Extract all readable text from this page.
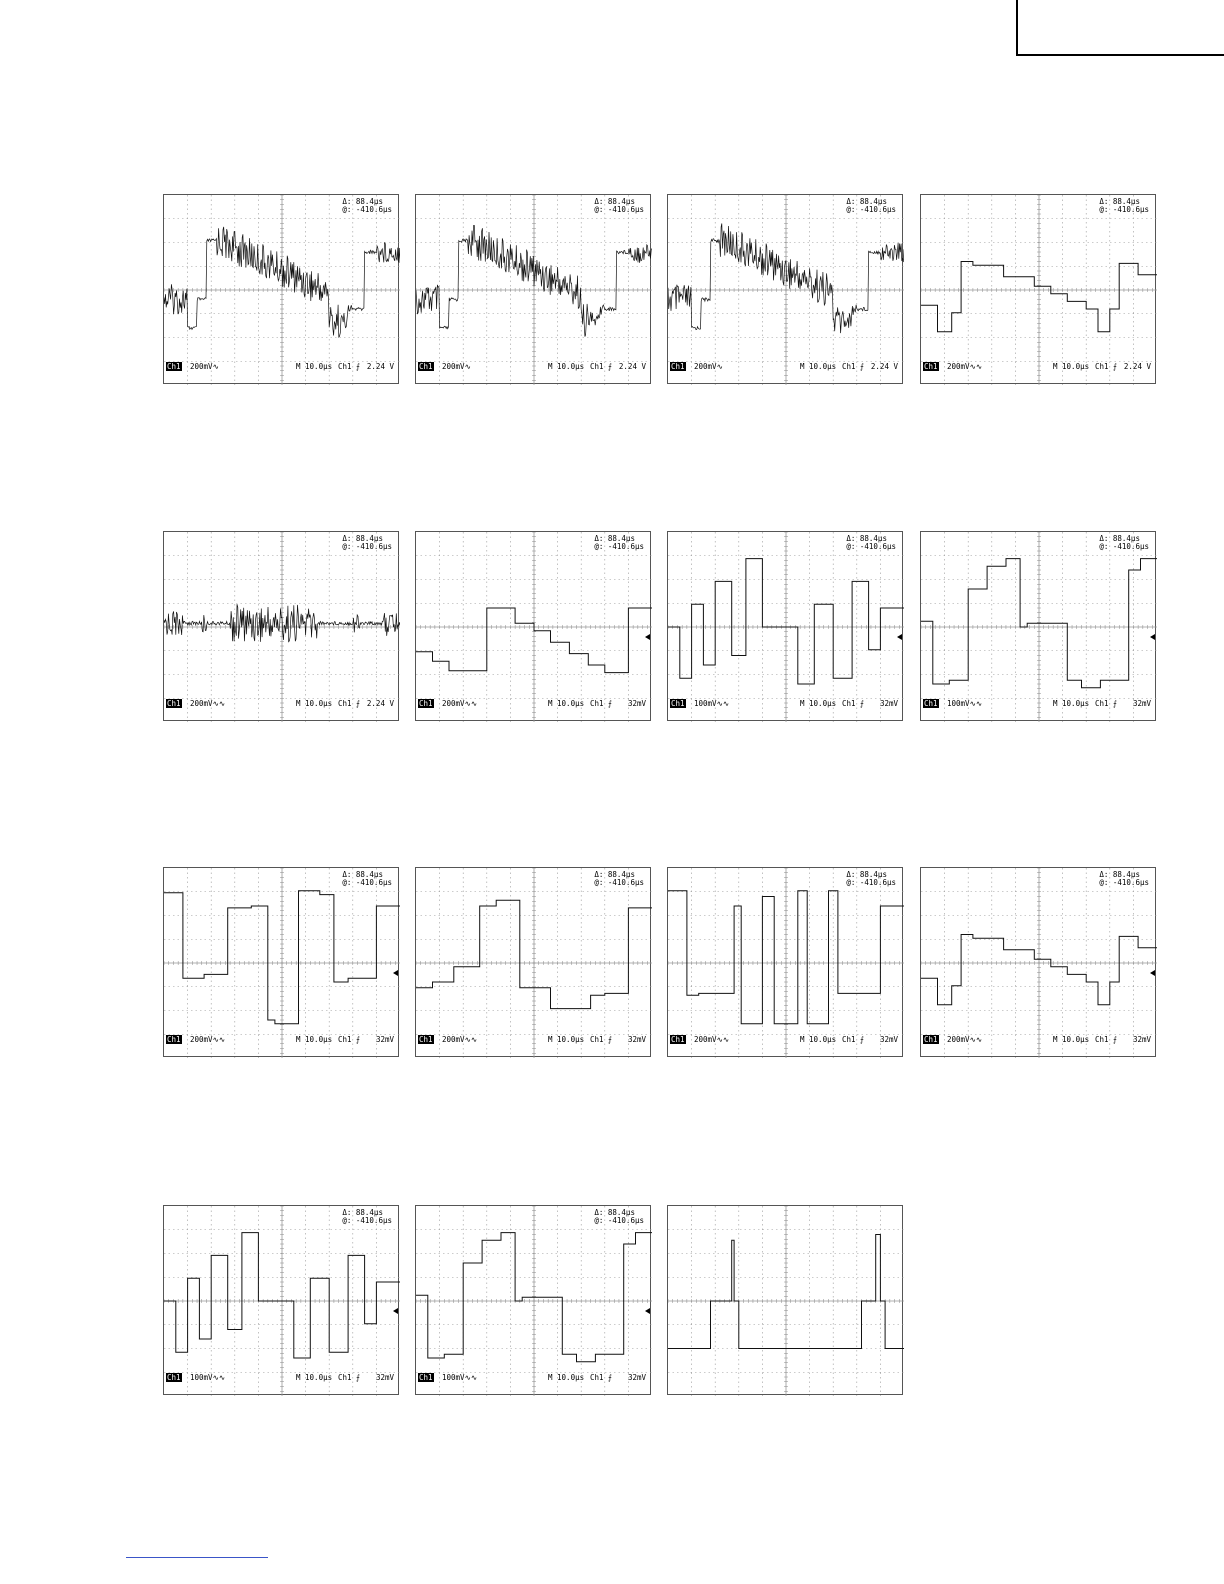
Δ: 88.4µs
@: -410.6µs
Ch1 200mV∿	M 10.0µs Ch1 ⨍ 2.24 V
Δ: 88.4µs
@: -410.6µs
Ch1 200mV∿	M 10.0µs Ch1 ⨍ 2.24 V
Δ: 88.4µs
@: -410.6µs
Ch1 200mV∿	M 10.0µs Ch1 ⨍ 2.24 V
Δ: 88.4µs
@: -410.6µs
Ch1 200mV∿∿	M 10.0µs Ch1 ⨍ 2.24 V
Δ: 88.4µs
@: -410.6µs
Ch1 200mV∿∿	M 10.0µs Ch1 ⨍ 2.24 V
Δ: 88.4µs
@: -410.6µs
Ch1 200mV∿∿	M 10.0µs Ch1 ⨍ 32mV
Δ: 88.4µs
@: -410.6µs
Ch1 100mV∿∿	M 10.0µs Ch1 ⨍ 32mV
Δ: 88.4µs
@: -410.6µs
Ch1 100mV∿∿	M 10.0µs Ch1 ⨍ 32mV
Δ: 88.4µs
@: -410.6µs
Ch1 200mV∿∿	M 10.0µs Ch1 ⨍ 32mV
Δ: 88.4µs
@: -410.6µs
Ch1 200mV∿∿	M 10.0µs Ch1 ⨍ 32mV
Δ: 88.4µs
@: -410.6µs
Ch1 200mV∿∿	M 10.0µs Ch1 ⨍ 32mV
Δ: 88.4µs
@: -410.6µs
Ch1 200mV∿∿	M 10.0µs Ch1 ⨍ 32mV
Δ: 88.4µs
@: -410.6µs
Ch1 100mV∿∿	M 10.0µs Ch1 ⨍ 32mV
Δ: 88.4µs
@: -410.6µs
Ch1 100mV∿∿	M 10.0µs Ch1 ⨍ 32mV
